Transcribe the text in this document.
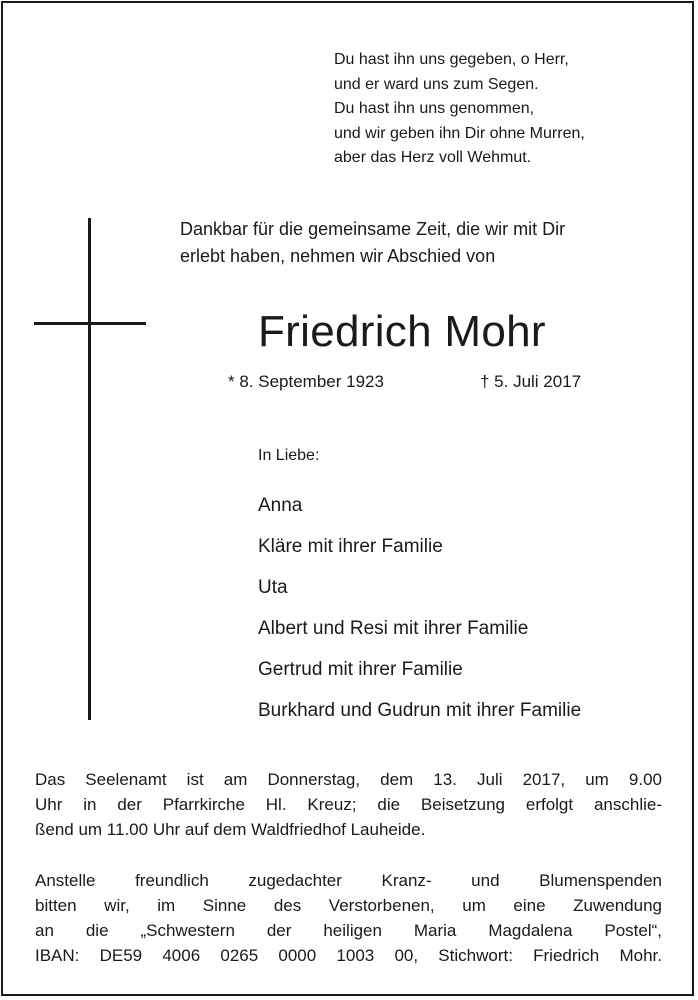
Du hast ihn uns gegeben, o Herr,
und er ward uns zum Segen.
Du hast ihn uns genommen,
und wir geben ihn Dir ohne Murren,
aber das Herz voll Wehmut.
Dankbar für die gemeinsame Zeit, die wir mit Dir
erlebt haben, nehmen wir Abschied von
Friedrich Mohr
* 8. September 1923	† 5. Juli 2017
In Liebe:
Anna
Kläre mit ihrer Familie
Uta
Albert und Resi mit ihrer Familie
Gertrud mit ihrer Familie
Burkhard und Gudrun mit ihrer Familie
Das Seelenamt ist am Donnerstag, dem 13. Juli 2017, um 9.00
Uhr in der Pfarrkirche Hl. Kreuz; die Beisetzung erfolgt anschlie-
ßend um 11.00 Uhr auf dem Waldfriedhof Lauheide.
Anstelle freundlich zugedachter Kranz- und Blumenspenden
bitten wir, im Sinne des Verstorbenen, um eine Zuwendung
an die „Schwestern der heiligen Maria Magdalena Postel“,
IBAN: DE59 4006 0265 0000 1003 00, Stichwort: Friedrich Mohr.
